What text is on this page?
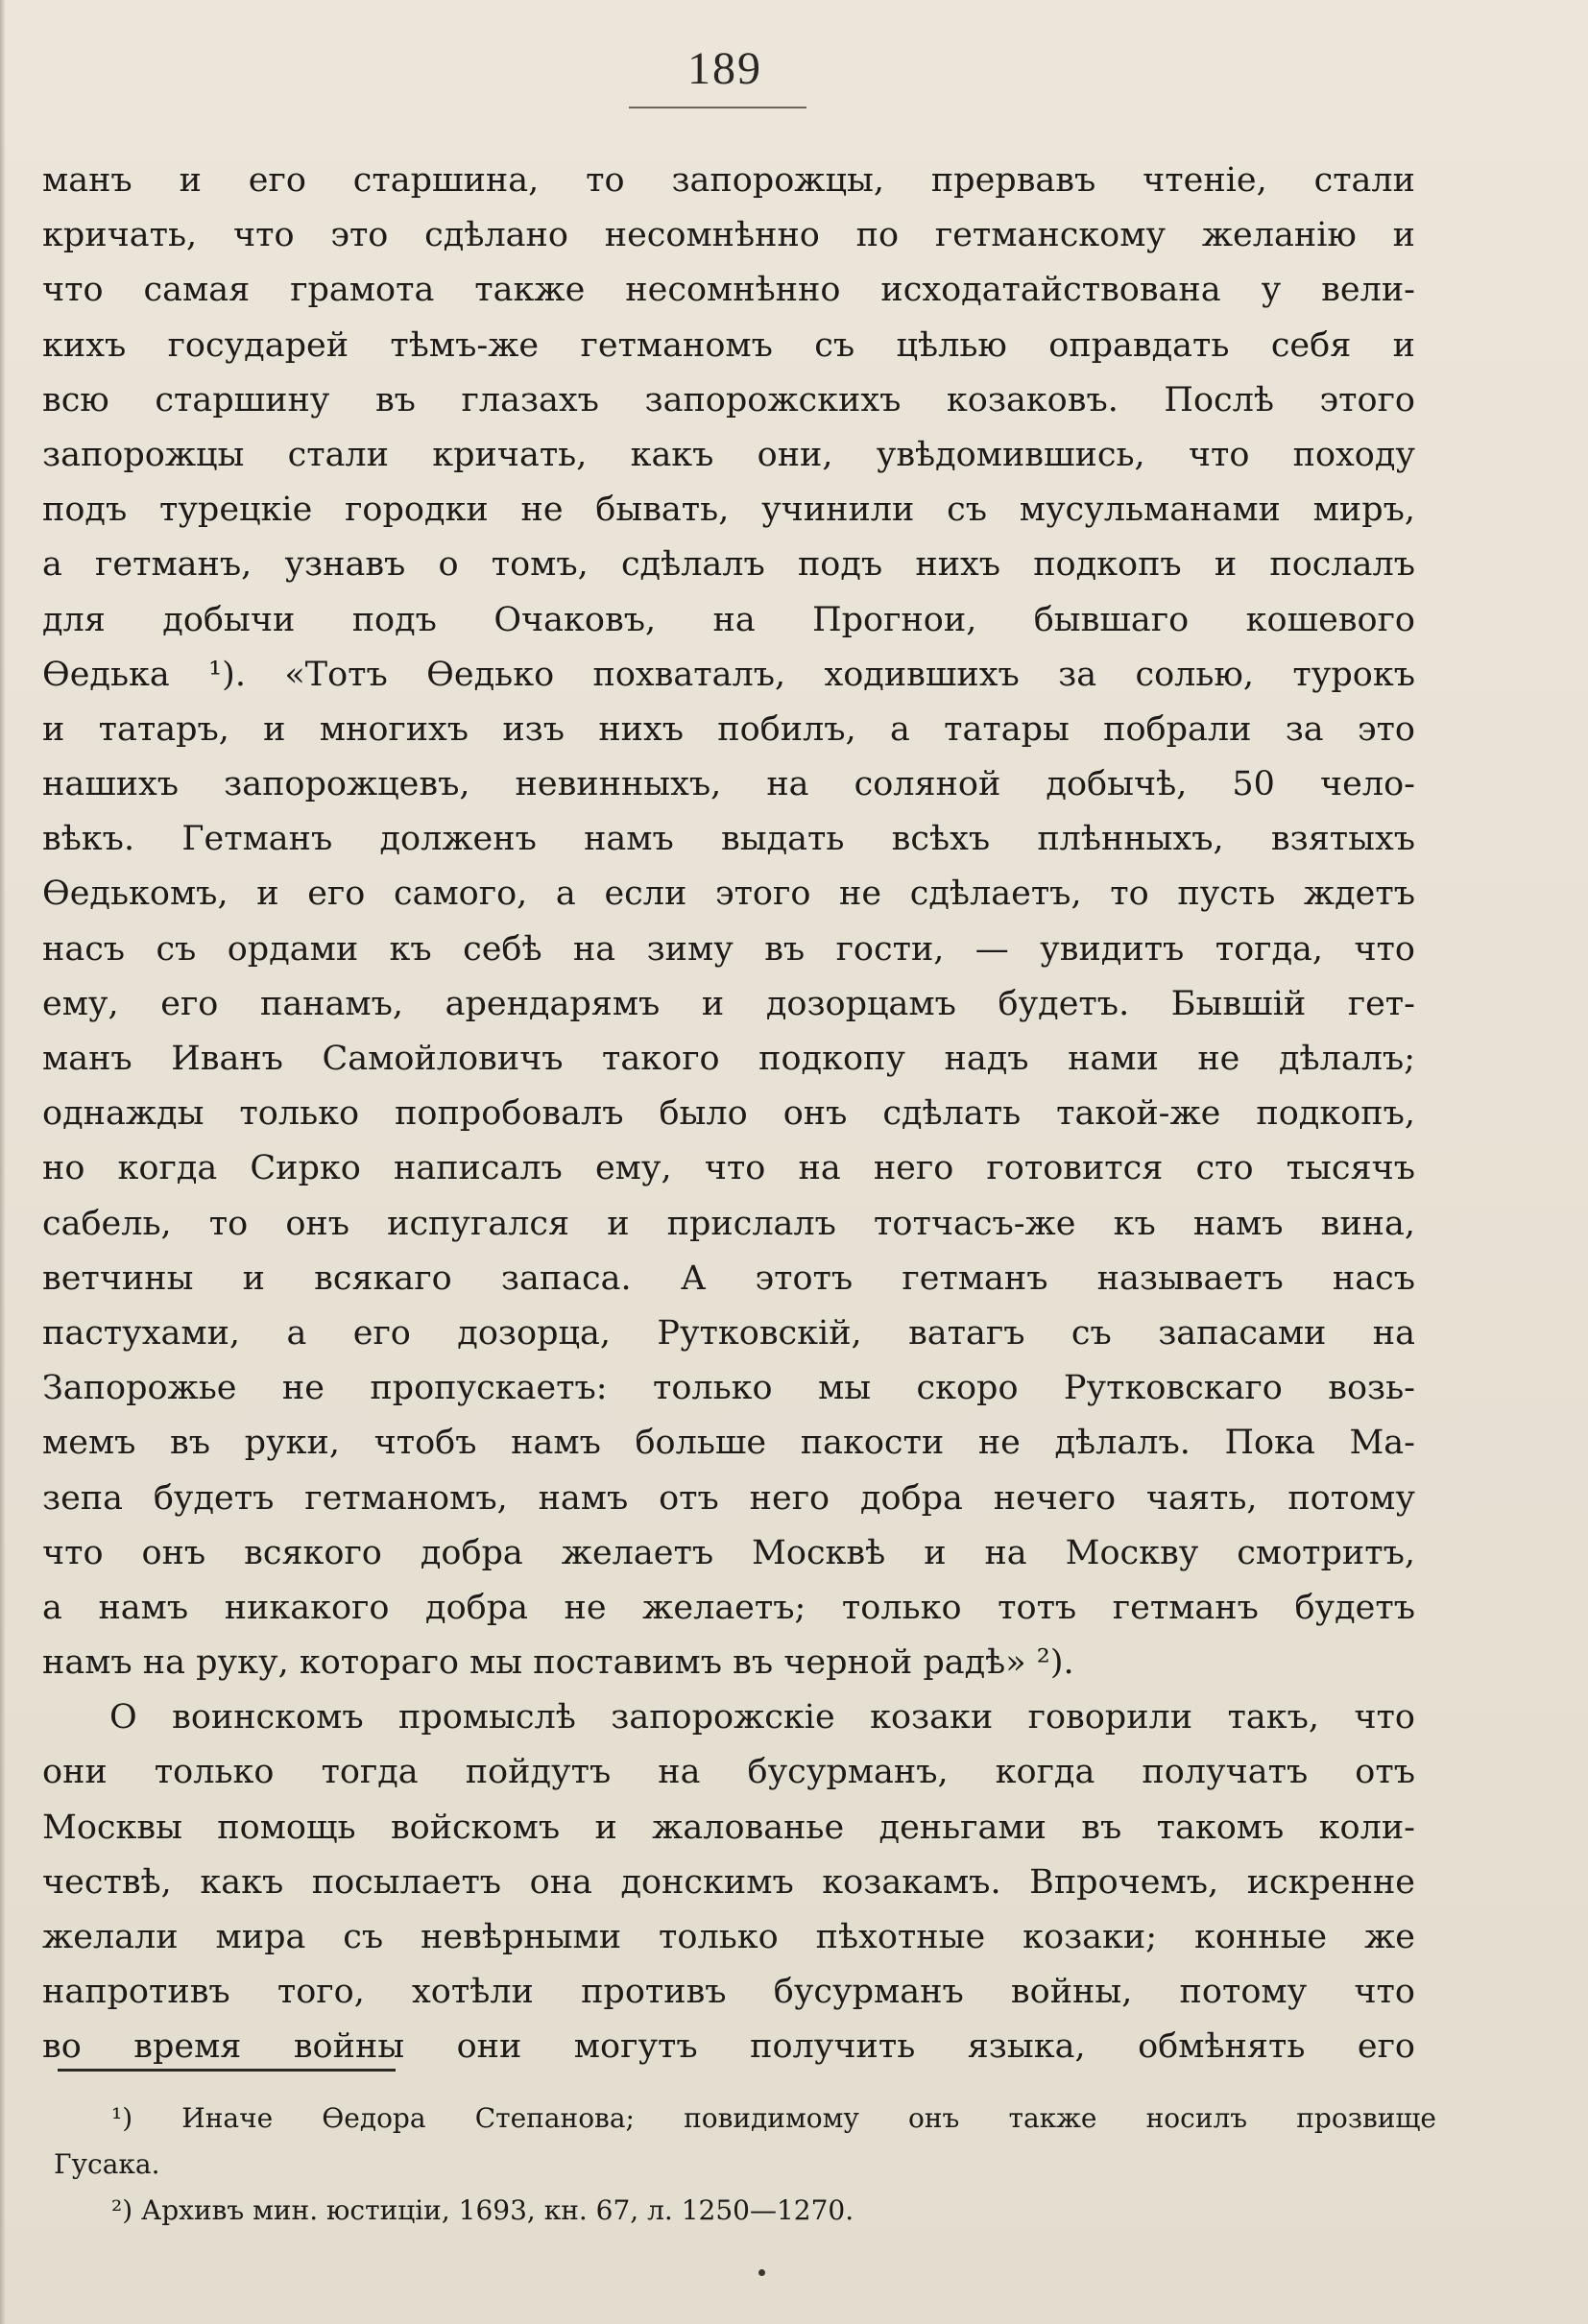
189
манъ и его старшина, то запорожцы, прервавъ чтеніе, стали
кричать, что это сдѣлано несомнѣнно по гетманскому желанію и
что самая грамота также несомнѣнно исходатайствована у вели-
кихъ государей тѣмъ-же гетманомъ съ цѣлью оправдать себя и
всю старшину въ глазахъ запорожскихъ козаковъ. Послѣ этого
запорожцы стали кричать, какъ они, увѣдомившись, что походу
подъ турецкіе городки не бывать, учинили съ мусульманами миръ,
а гетманъ, узнавъ о томъ, сдѣлалъ подъ нихъ подкопъ и послалъ
для добычи подъ Очаковъ, на Прогнои, бывшаго кошевого
Ѳедька ¹). «Тотъ Ѳедько похваталъ, ходившихъ за солью, турокъ
и татаръ, и многихъ изъ нихъ побилъ, а татары побрали за это
нашихъ запорожцевъ, невинныхъ, на соляной добычѣ, 50 чело-
вѣкъ. Гетманъ долженъ намъ выдать всѣхъ плѣнныхъ, взятыхъ
Ѳедькомъ, и его самого, а если этого не сдѣлаетъ, то пусть ждетъ
насъ съ ордами къ себѣ на зиму въ гости, — увидитъ тогда, что
ему, его панамъ, арендарямъ и дозорцамъ будетъ. Бывшій гет-
манъ Иванъ Самойловичъ такого подкопу надъ нами не дѣлалъ;
однажды только попробовалъ было онъ сдѣлать такой-же подкопъ,
но когда Сирко написалъ ему, что на него готовится сто тысячъ
сабель, то онъ испугался и прислалъ тотчасъ-же къ намъ вина,
ветчины и всякаго запаса. А этотъ гетманъ называетъ насъ
пастухами, а его дозорца, Рутковскій, ватагъ съ запасами на
Запорожье не пропускаетъ: только мы скоро Рутковскаго возь-
мемъ въ руки, чтобъ намъ больше пакости не дѣлалъ. Пока Ма-
зепа будетъ гетманомъ, намъ отъ него добра нечего чаять, потому
что онъ всякого добра желаетъ Москвѣ и на Москву смотритъ,
а намъ никакого добра не желаетъ; только тотъ гетманъ будетъ
намъ на руку, котораго мы поставимъ въ черной радѣ» ²).
О воинскомъ промыслѣ запорожскіе козаки говорили такъ, что
они только тогда пойдутъ на бусурманъ, когда получатъ отъ
Москвы помощь войскомъ и жалованье деньгами въ такомъ коли-
чествѣ, какъ посылаетъ она донскимъ козакамъ. Впрочемъ, искренне
желали мира съ невѣрными только пѣхотные козаки; конные же
напротивъ того, хотѣли противъ бусурманъ войны, потому что
во время войны они могутъ получить языка, обмѣнять его
¹) Иначе Ѳедора Степанова; повидимому онъ также носилъ прозвище
Гусака.
²) Архивъ мин. юстиціи, 1693, кн. 67, л. 1250—1270.
